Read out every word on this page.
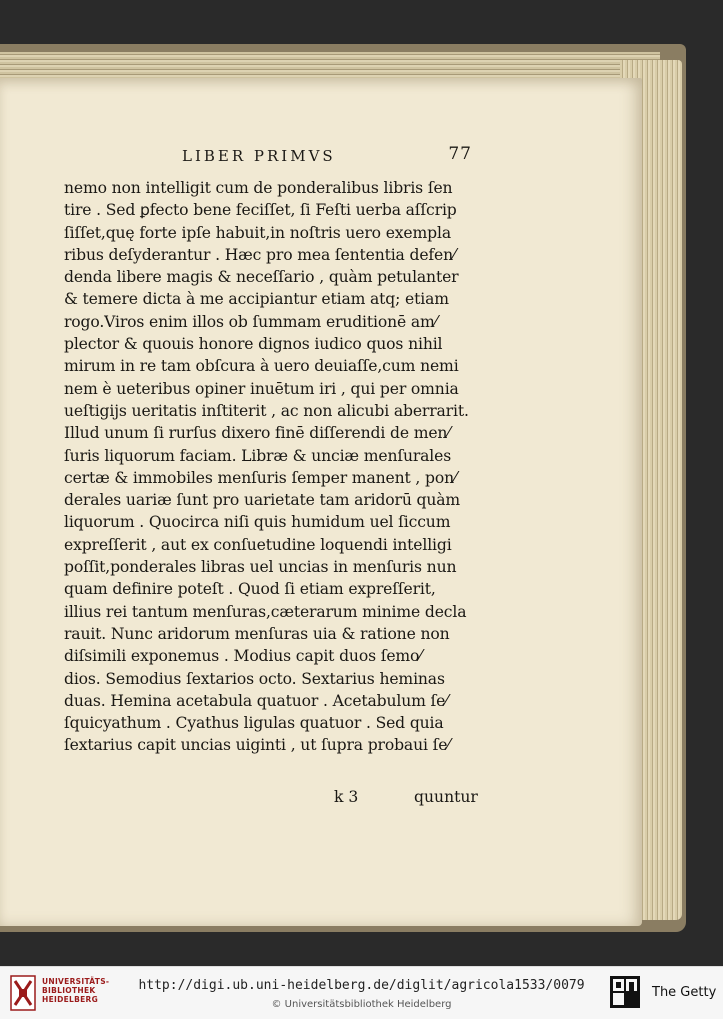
LIBER PRIMVS	77
nemo non intelligit cum de ponderalibus libris ſen
tire . Sed ꝑfecto bene feciſſet, ſi Feſti uerba aſſcrip
ſiſſet,quę forte ipſe habuit,in noſtris uero exempla
ribus deſyderantur . Hæc pro mea ſententia defen⁄
denda libere magis & neceſſario , quàm petulanter
& temere dicta à me accipiantur etiam atq; etiam
rogo.Viros enim illos ob ſummam eruditionē am⁄
plector & quouis honore dignos iudico quos nihil
mirum in re tam obſcura à uero deuiaſſe,cum nemi
nem è ueteribus opiner inuētum iri , qui per omnia
ueſtigijs ueritatis inſtiterit , ac non alicubi aberrarit.
Illud unum ſi rurſus dixero finē diſſerendi de men⁄
ſuris liquorum faciam. Libræ & unciæ menſurales
certæ & immobiles menſuris ſemper manent , pon⁄
derales uariæ ſunt pro uarietate tam aridorū quàm
liquorum . Quocirca niſi quis humidum uel ſiccum
expreſſerit , aut ex conſuetudine loquendi intelligi
poſſit,ponderales libras uel uncias in menſuris nun
quam definire poteſt . Quod ſi etiam expreſſerit,
illius rei tantum menſuras,cæterarum minime decla
rauit. Nunc aridorum menſuras uia & ratione non
diſsimili exponemus . Modius capit duos ſemo⁄
dios. Semodius ſextarios octo. Sextarius heminas
duas. Hemina acetabula quatuor . Acetabulum ſe⁄
ſquicyathum . Cyathus ligulas quatuor . Sed quia
ſextarius capit uncias uiginti , ut ſupra probaui ſe⁄
k 3	quuntur
UNIVERSITÄTS-
BIBLIOTHEK
HEIDELBERG
http://digi.ub.uni-heidelberg.de/diglit/agricola1533/0079
© Universitätsbibliothek Heidelberg
The Getty
